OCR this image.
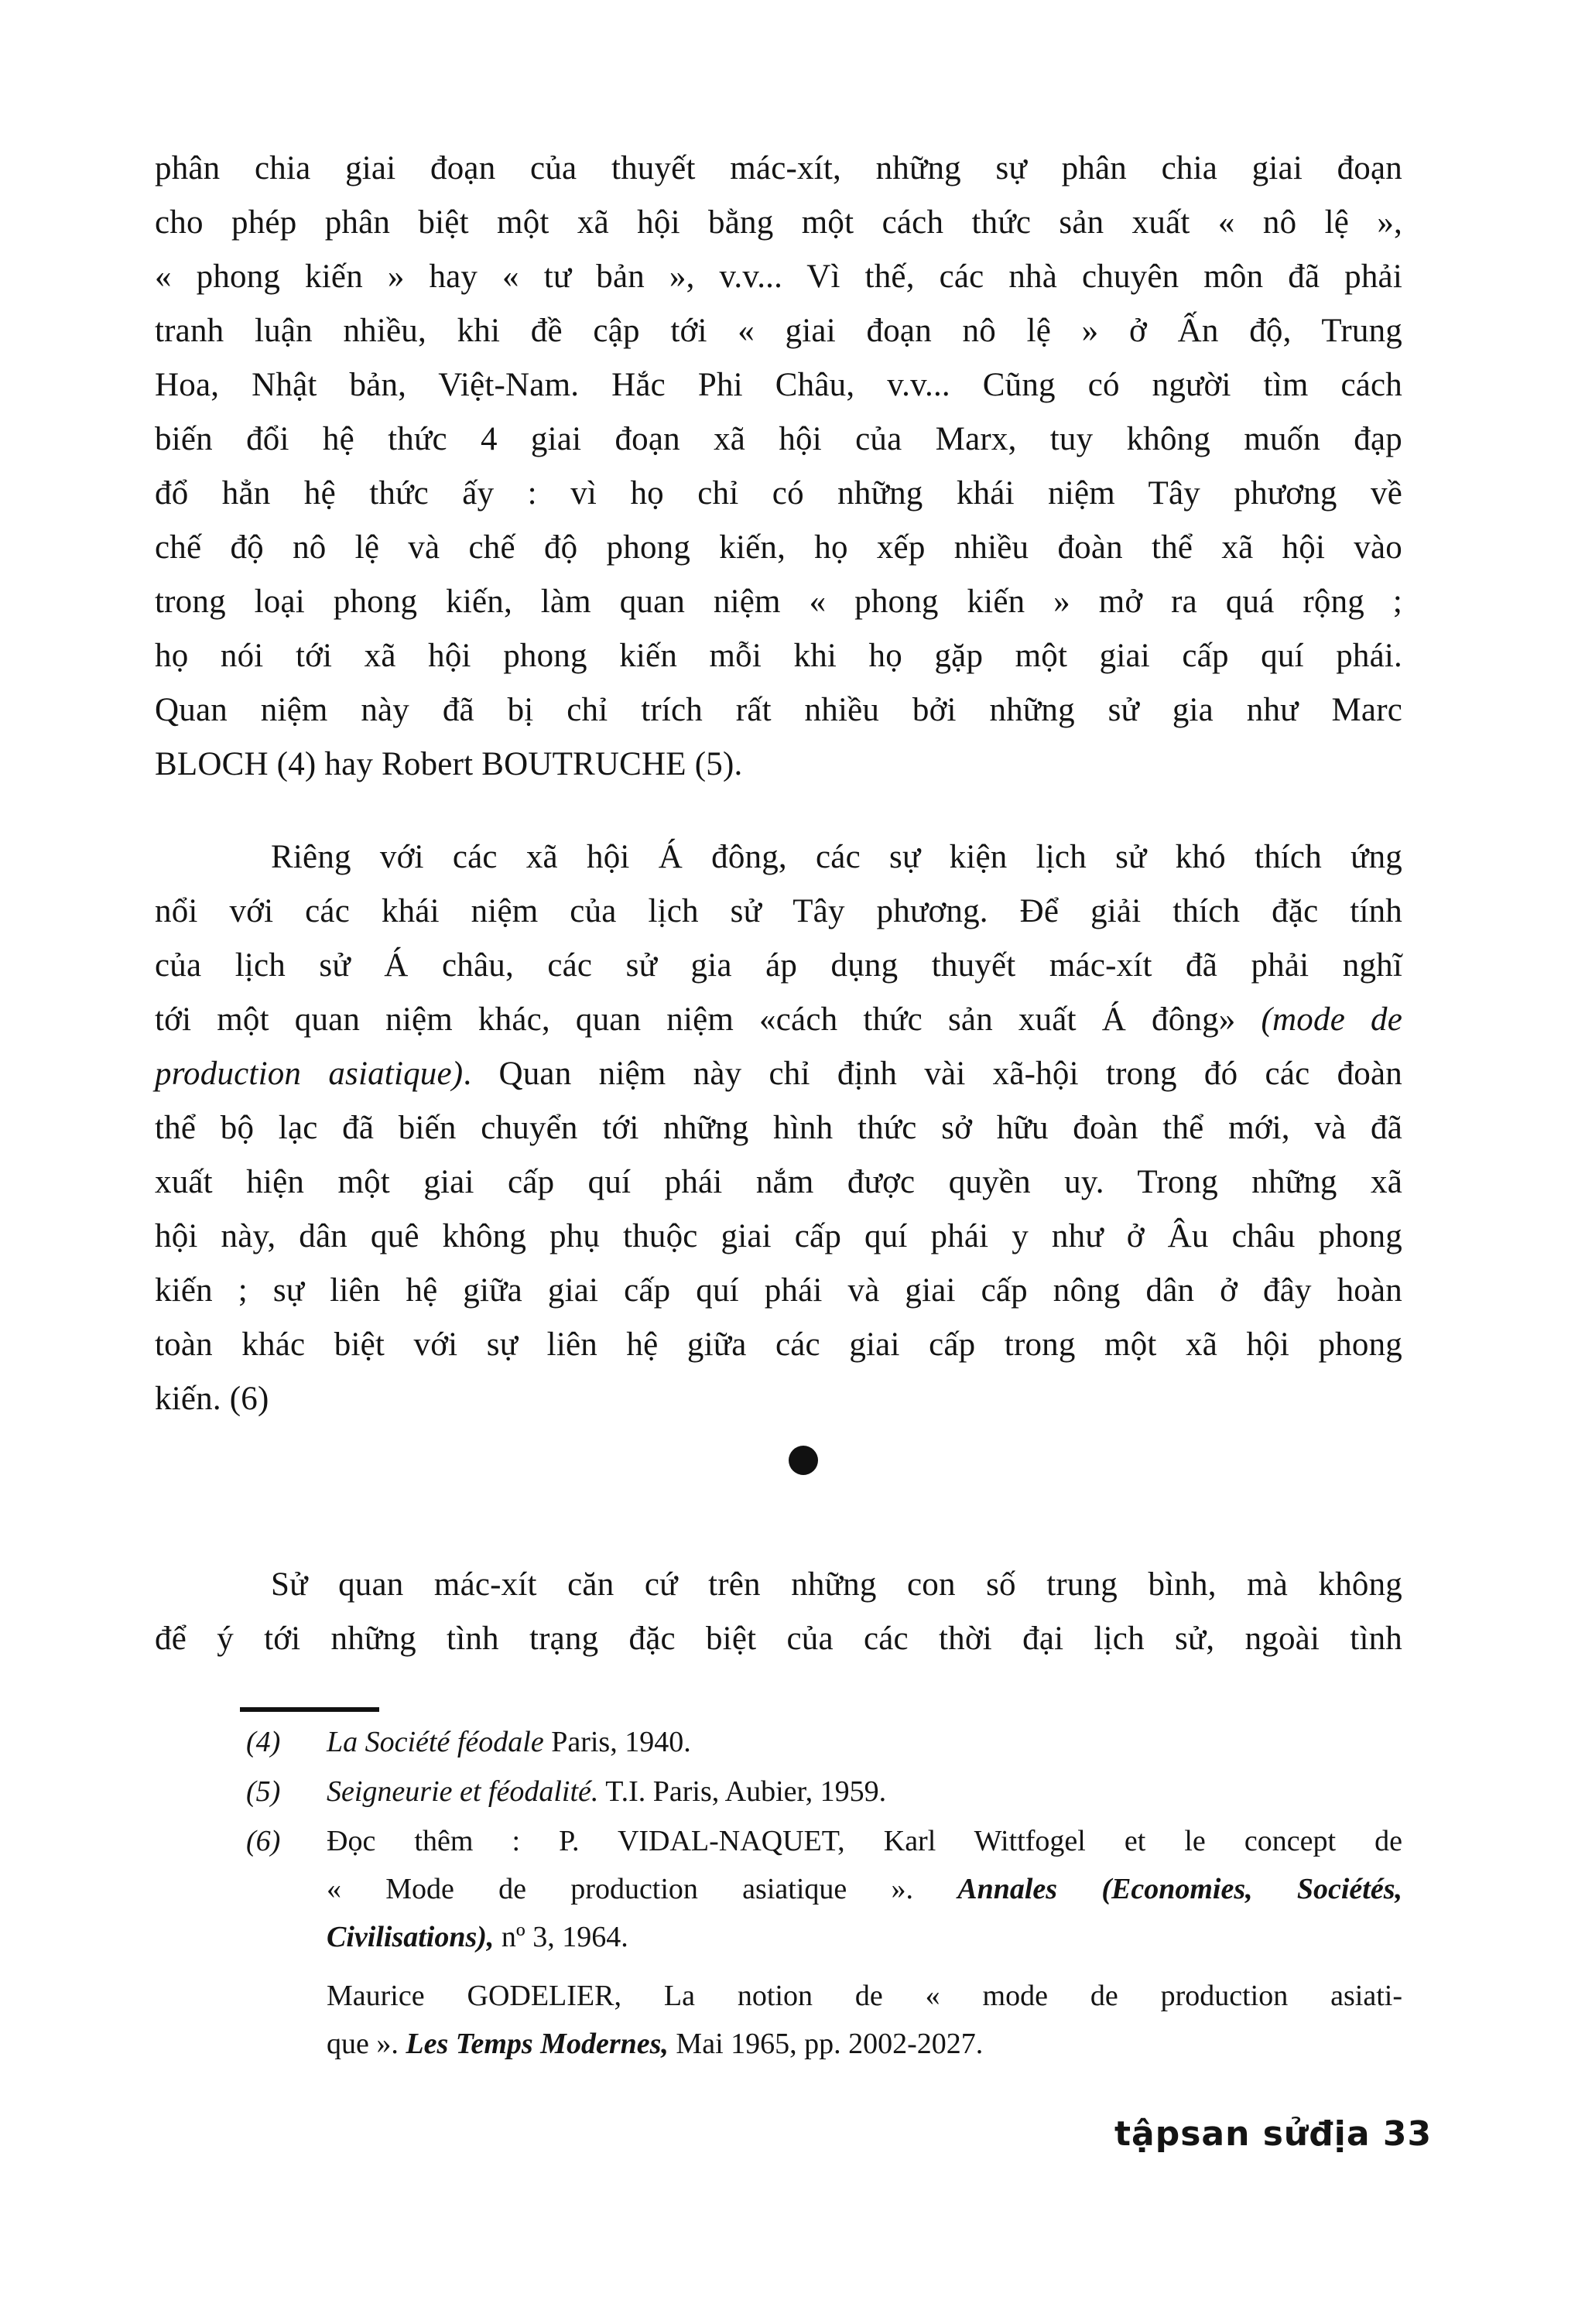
phân chia giai đoạn của thuyết mác-xít, những sự phân chia giai đoạn
cho phép phân biệt một xã hội bằng một cách thức sản xuất « nô lệ »,
« phong kiến » hay « tư bản », v.v... Vì thế, các nhà chuyên môn đã phải
tranh luận nhiều, khi đề cập tới « giai đoạn nô lệ » ở Ấn độ, Trung
Hoa, Nhật bản, Việt-Nam. Hắc Phi Châu, v.v... Cũng có người tìm cách
biến đổi hệ thức 4 giai đoạn xã hội của Marx, tuy không muốn đạp
đổ hẳn hệ thức ấy : vì họ chỉ có những khái niệm Tây phương về
chế độ nô lệ và chế độ phong kiến, họ xếp nhiều đoàn thể xã hội vào
trong loại phong kiến, làm quan niệm « phong kiến » mở ra quá rộng ;
họ nói tới xã hội phong kiến mỗi khi họ gặp một giai cấp quí phái.
Quan niệm này đã bị chỉ trích rất nhiều bởi những sử gia như Marc
BLOCH (4) hay Robert BOUTRUCHE (5).
Riêng với các xã hội Á đông, các sự kiện lịch sử khó thích ứng
nổi với các khái niệm của lịch sử Tây phương. Để giải thích đặc tính
của lịch sử Á châu, các sử gia áp dụng thuyết mác-xít đã phải nghĩ
tới một quan niệm khác, quan niệm «cách thức sản xuất Á đông» (mode de
production asiatique). Quan niệm này chỉ định vài xã-hội trong đó các đoàn
thể bộ lạc đã biến chuyển tới những hình thức sở hữu đoàn thể mới, và đã
xuất hiện một giai cấp quí phái nắm được quyền uy. Trong những xã
hội này, dân quê không phụ thuộc giai cấp quí phái y như ở Âu châu phong
kiến ; sự liên hệ giữa giai cấp quí phái và giai cấp nông dân ở đây hoàn
toàn khác biệt với sự liên hệ giữa các giai cấp trong một xã hội phong
kiến. (6)
Sử quan mác-xít căn cứ trên những con số trung bình, mà không
để ý tới những tình trạng đặc biệt của các thời đại lịch sử, ngoài tình
(4) La Société féodale Paris, 1940.
(5) Seigneurie et féodalité. T.I. Paris, Aubier, 1959.
(6) Đọc thêm : P. VIDAL-NAQUET, Karl Wittfogel et le concept de
« Mode de production asiatique ». Annales (Economies, Sociétés,
Civilisations), nº 3, 1964.
Maurice GODELIER, La notion de « mode de production asiati-
que ». Les Temps Modernes, Mai 1965, pp. 2002-2027.
tậpsan sửđịa 33
